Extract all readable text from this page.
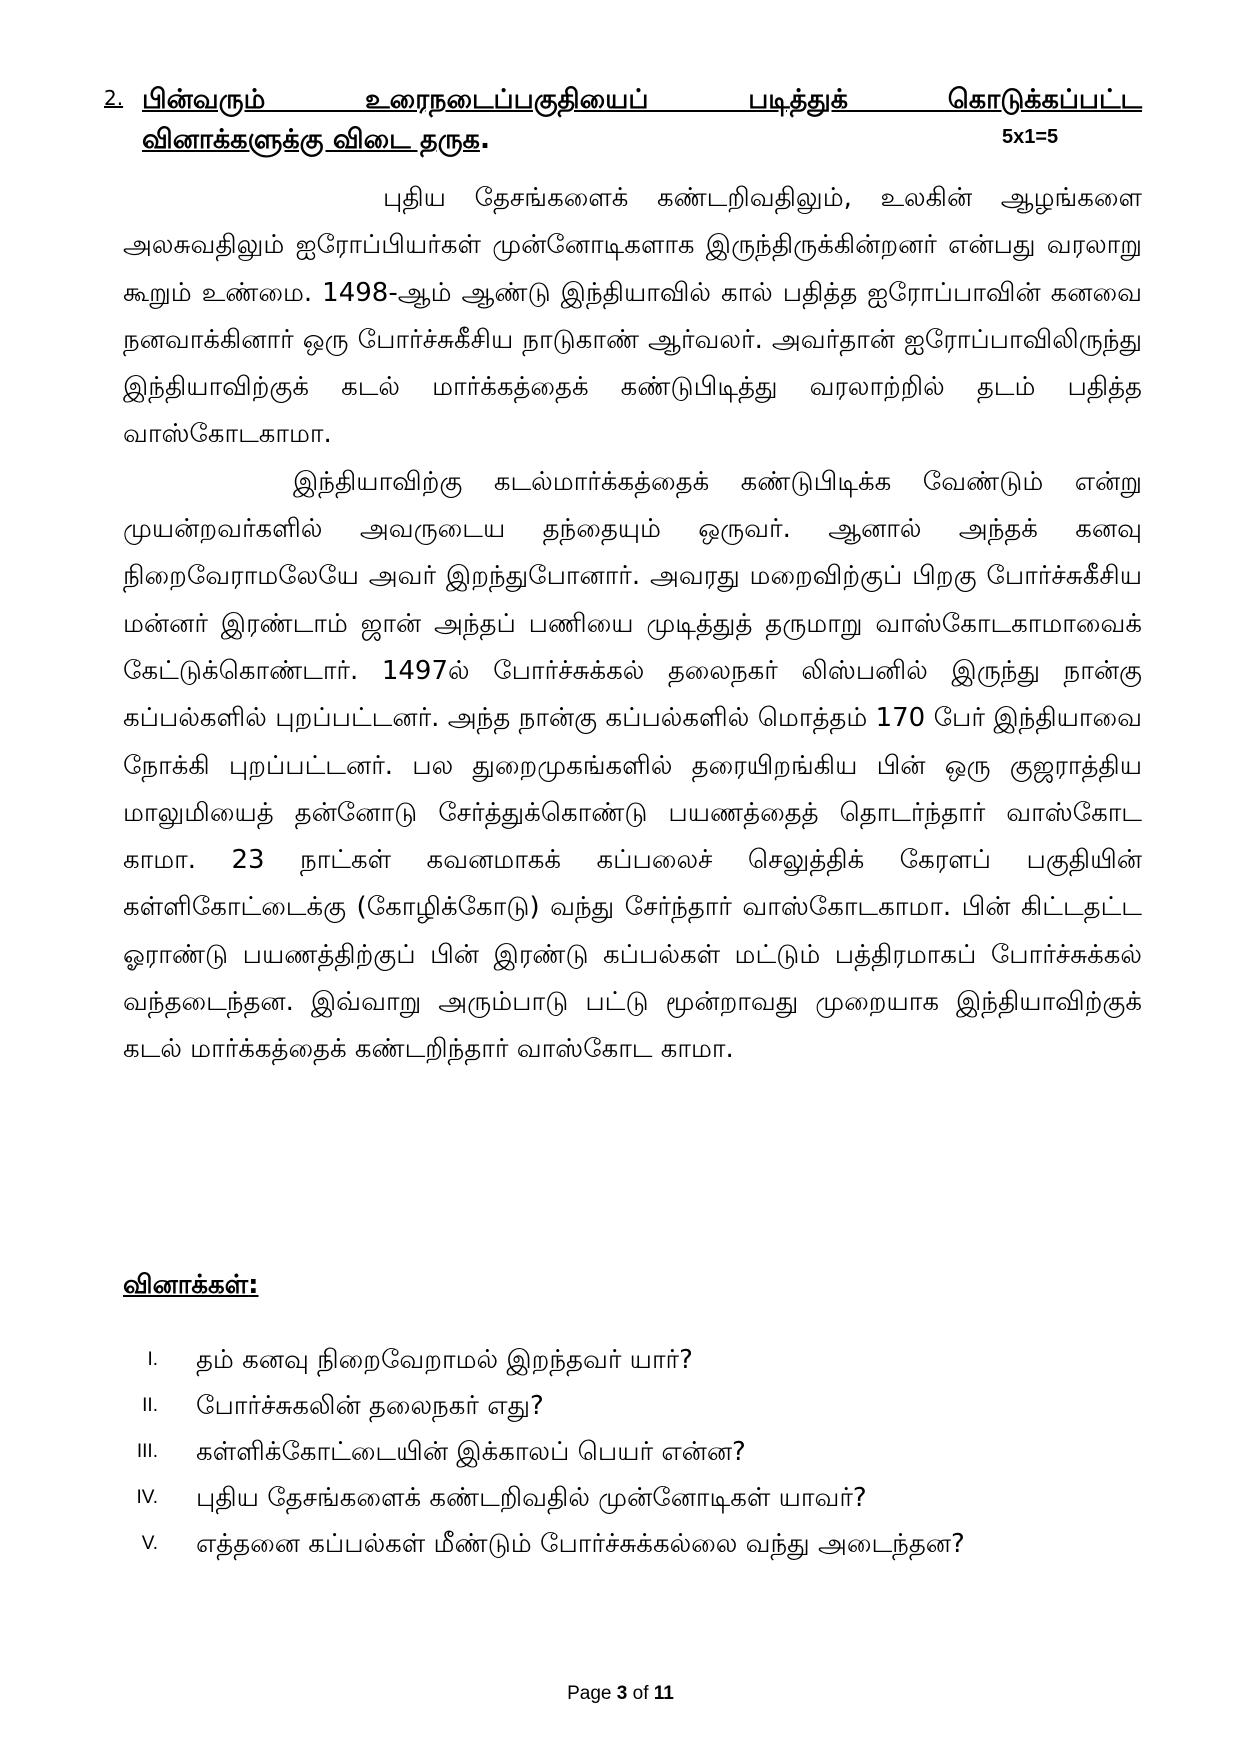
2. பின்வரும் உரைநடைப்பகுதியைப் படித்துக் கொடுக்கப்பட்ட
வினாக்களுக்கு விடை தருக.	5x1=5

புதிய தேசங்களைக் கண்டறிவதிலும், உலகின் ஆழங்களை அலசுவதிலும் ஐரோப்பியர்கள் முன்னோடிகளாக இருந்திருக்கின்றனர் என்பது வரலாறு கூறும் உண்மை. 1498-ஆம் ஆண்டு இந்தியாவில் கால் பதித்த ஐரோப்பாவின் கனவை நனவாக்கினார் ஒரு போர்ச்சுகீசிய நாடுகாண் ஆர்வலர். அவர்தான் ஐரோப்பாவிலிருந்து இந்தியாவிற்குக் கடல் மார்க்கத்தைக் கண்டுபிடித்து வரலாற்றில் தடம் பதித்த வாஸ்கோடகாமா.

இந்தியாவிற்கு கடல்மார்க்கத்தைக் கண்டுபிடிக்க வேண்டும் என்று முயன்றவர்களில் அவருடைய தந்தையும் ஒருவர். ஆனால் அந்தக் கனவு நிறைவேராமலேயே அவர் இறந்துபோனார். அவரது மறைவிற்குப் பிறகு போர்ச்சுகீசிய மன்னர் இரண்டாம் ஜான் அந்தப் பணியை முடித்துத் தருமாறு வாஸ்கோடகாமாவைக் கேட்டுக்கொண்டார். 1497ல் போர்ச்சுக்கல் தலைநகர் லிஸ்பனில் இருந்து நான்கு கப்பல்களில் புறப்பட்டனர். அந்த நான்கு கப்பல்களில் மொத்தம் 170 பேர் இந்தியாவை நோக்கி புறப்பட்டனர். பல துறைமுகங்களில் தரையிறங்கிய பின் ஒரு குஜராத்திய மாலுமியைத் தன்னோடு சேர்த்துக்கொண்டு பயணத்தைத் தொடர்ந்தார் வாஸ்கோட காமா. 23 நாட்கள் கவனமாகக் கப்பலைச் செலுத்திக் கேரளப் பகுதியின் கள்ளிகோட்டைக்கு (கோழிக்கோடு) வந்து சேர்ந்தார் வாஸ்கோடகாமா. பின் கிட்டதட்ட ஓராண்டு பயணத்திற்குப் பின் இரண்டு கப்பல்கள் மட்டும் பத்திரமாகப் போர்ச்சுக்கல் வந்தடைந்தன. இவ்வாறு அரும்பாடு பட்டு மூன்றாவது முறையாக இந்தியாவிற்குக் கடல் மார்க்கத்தைக் கண்டறிந்தார் வாஸ்கோட காமா.

வினாக்கள்:
I. தம் கனவு நிறைவேறாமல் இறந்தவர் யார்?
II. போர்ச்சுகலின் தலைநகர் எது?
III. கள்ளிக்கோட்டையின் இக்காலப் பெயர் என்ன?
IV. புதிய தேசங்களைக் கண்டறிவதில் முன்னோடிகள் யாவர்?
V. எத்தனை கப்பல்கள் மீண்டும் போர்ச்சுக்கல்லை வந்து அடைந்தன?
Page 3 of 11
